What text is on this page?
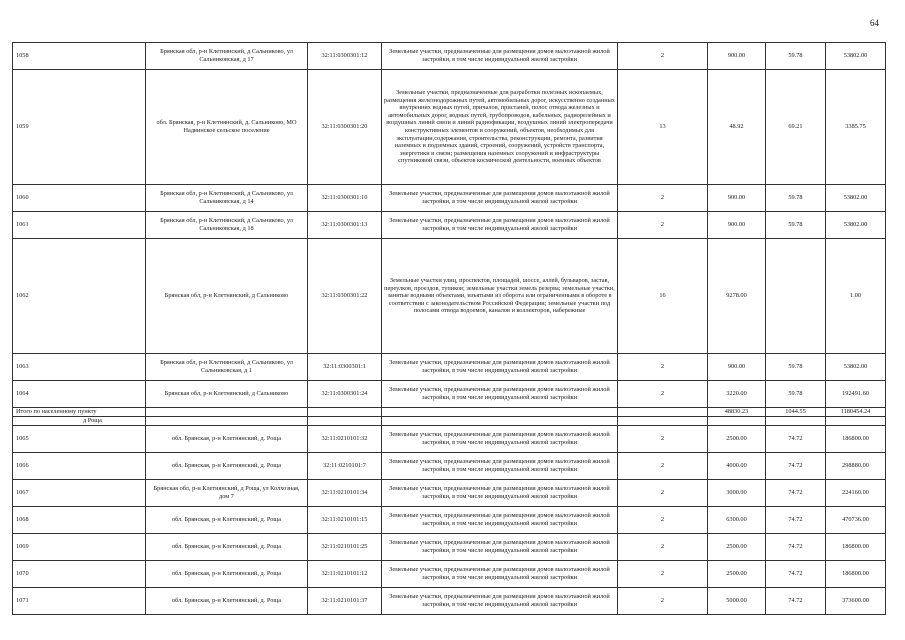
64
1058	Брянская обл, р-н Клетнянский, д Сальниково, ул Сальниковская, д 17	32:11:0300301:12	Земельные участки, предназначенные для размещения домов малоэтажной жилой застройки, в том числе индивидуальной жилой застройки	2	900.00	59.78	53802.00
1059	обл. Брянская, р-н Клетнянский, д. Сальниково, МО Надвинское сельское поселение	32:11:0300301:20	Земельные участки, предназначенные для разработки полезных ископаемых, размещения железнодорожных путей, автомобильных дорог, искусственно созданных внутренних водных путей, причалов, пристаней, полос отвода железных и автомобильных дорог, водных путей, трубопроводов, кабельных, радиорелейных и воздушных линий связи и линий радиофикации, воздушных линий электропередачи конструктивных элементов и сооружений, объектов, необходимых для эксплуатации,содержания, строительства, реконструкции, ремонта, развития наземных и подземных зданий, строений, сооружений, устройств транспорта, энергетики и связи; размещения наземных сооружений и инфраструктуры спутниковой связи, объектов космической деятельности, военных объектов	13	48.92	69.21	3385.75
1060	Брянская обл, р-н Клетнянский, д Сальниково, ул Сальниковская, д 14	32:11:0300301:10	Земельные участки, предназначенные для размещения домов малоэтажной жилой застройки, в том числе индивидуальной жилой застройки	2	900.00	59.78	53802.00
1061	Брянская обл, р-н Клетнянский, д Сальниково, ул Сальниковская, д 18	32:11:0300301:13	Земельные участки, предназначенные для размещения домов малоэтажной жилой застройки, в том числе индивидуальной жилой застройки	2	900.00	59.78	53802.00
1062	Брянская обл, р-н Клетнянский, д Сальниково	32:11:0300301:22	Земельные участки улиц, проспектов, площадей, шоссе, аллей, бульваров, застав, переулков, проездов, тупиков; земельные участки земель резерва; земельные участки, занятые водными объектами, изъятыми из оборота или ограниченными в обороте в соответствии с законодательством Российской Федерации; земельные участки под полосами отвода водоемов, каналов и коллекторов, набережные	16	9278.00		1.00
1063	Брянская обл, р-н Клетнянский, д Сальниково, ул Сальниковская, д 1	32:11:0300301:1	Земельные участки, предназначенные для размещения домов малоэтажной жилой застройки, в том числе индивидуальной жилой застройки	2	900.00	59.78	53802.00
1064	Брянская обл, р-н Клетнянский, д Сальниково	32:11:0300301:24	Земельные участки, предназначенные для размещения домов малоэтажной жилой застройки, в том числе индивидуальной жилой застройки	2	3220.00	59.78	192491.60
Итого по населенному пункту					48830.23	1044.55	1180454.24
д Роща							
1065	обл. Брянская, р-н Клетнянский, д. Роща	32:11:0210101:32	Земельные участки, предназначенные для размещения домов малоэтажной жилой застройки, в том числе индивидуальной жилой застройки	2	2500.00	74.72	186800.00
1066	обл. Брянская, р-н Клетнянский, д. Роща	32:11:0210101:7	Земельные участки, предназначенные для размещения домов малоэтажной жилой застройки, в том числе индивидуальной жилой застройки	2	4000.00	74.72	298880.00
1067	Брянская обл, р-н Клетнянский, д Роща, ул Колхозная, дом 7	32:11:0210101:34	Земельные участки, предназначенные для размещения домов малоэтажной жилой застройки, в том числе индивидуальной жилой застройки	2	3000.00	74.72	224160.00
1068	обл. Брянская, р-н Клетнянский, д. Роща	32:11:0210101:15	Земельные участки, предназначенные для размещения домов малоэтажной жилой застройки, в том числе индивидуальной жилой застройки	2	6300.00	74.72	470736.00
1069	обл. Брянская, р-н Клетнянский, д. Роща	32:11:0210101:25	Земельные участки, предназначенные для размещения домов малоэтажной жилой застройки, в том числе индивидуальной жилой застройки	2	2500.00	74.72	186800.00
1070	обл. Брянская, р-н Клетнянский, д. Роща	32:11:0210101:12	Земельные участки, предназначенные для размещения домов малоэтажной жилой застройки, в том числе индивидуальной жилой застройки	2	2500.00	74.72	186800.00
1071	обл. Брянская, р-н Клетнянский, д. Роща	32:11:0210101:37	Земельные участки, предназначенные для размещения домов малоэтажной жилой застройки, в том числе индивидуальной жилой застройки	2	5000.00	74.72	373600.00
